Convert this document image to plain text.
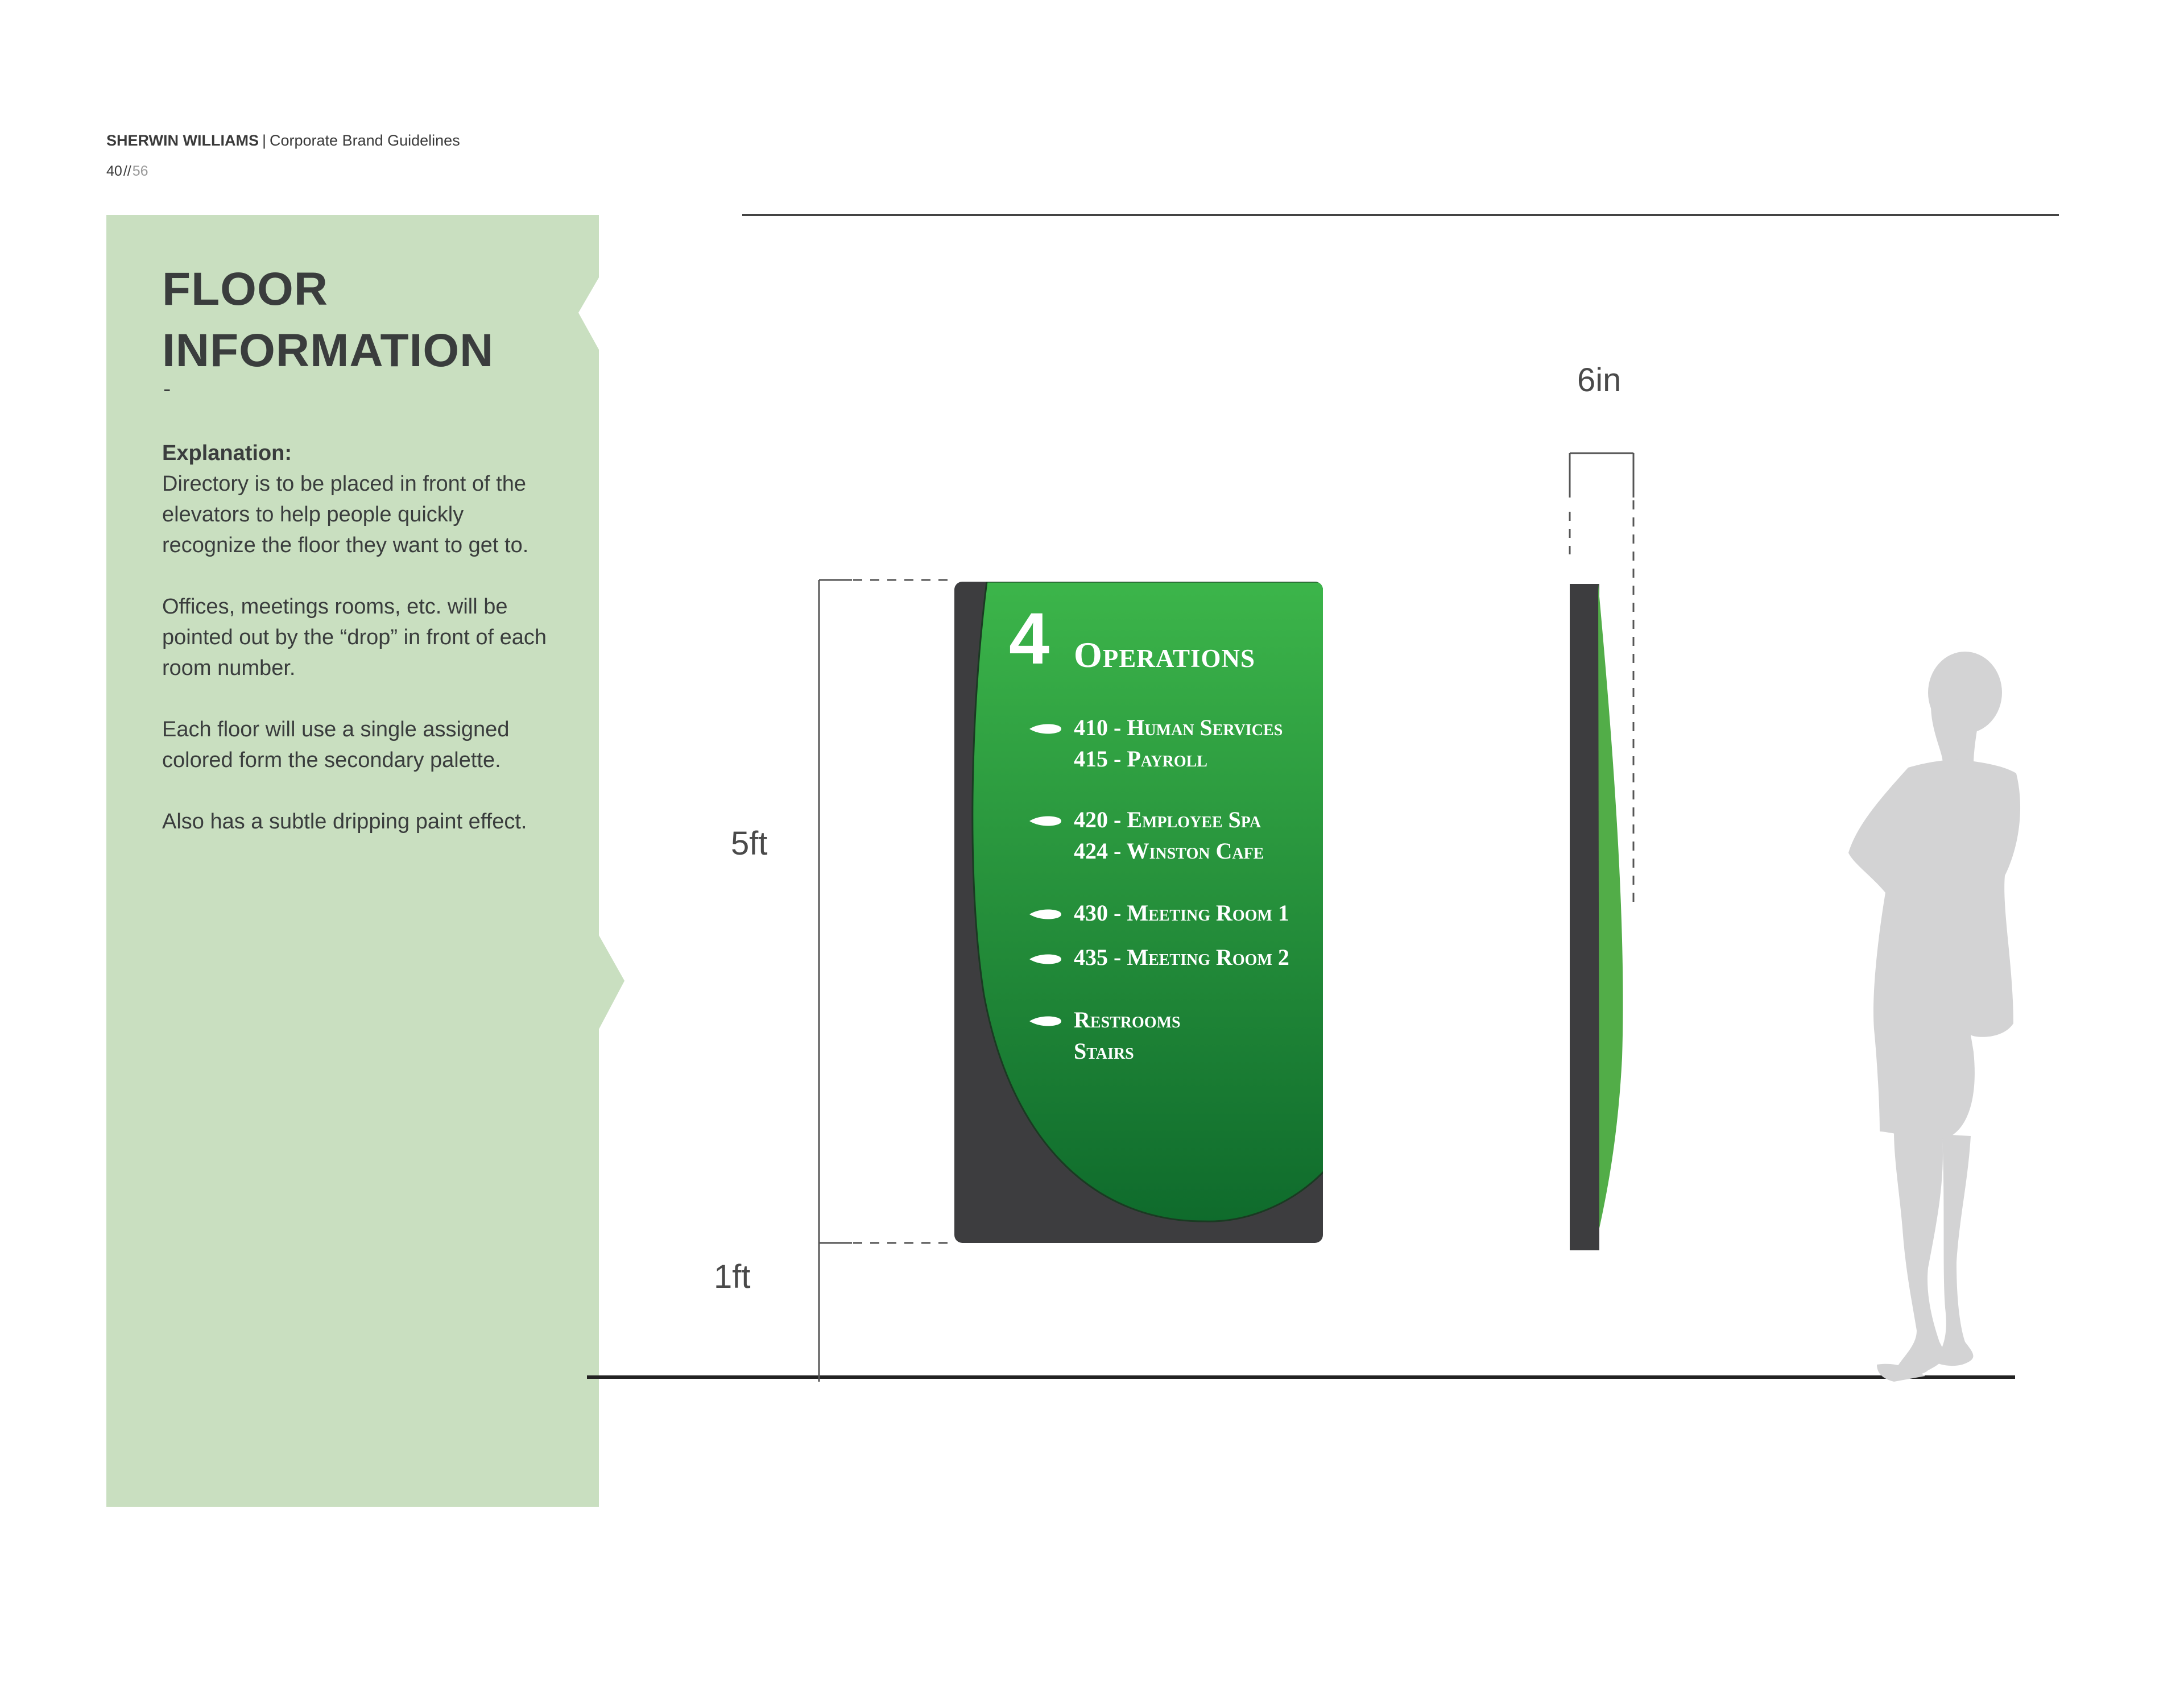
SHERWIN WILLIAMS | Corporate Brand Guidelines
40//56
FLOOR
INFORMATION
-
Explanation:

Directory is to be placed in front of the elevators to help people quickly recognize the floor they want to get to.

Offices, meetings rooms, etc. will be pointed out by the “drop” in front of each room number.

Each floor will use a single assigned colored form the secondary palette.

Also has a subtle dripping paint effect.

5ft
1ft
6in
4 Operations
410 - Human Services
415 - Payroll
420 - Employee Spa
424 - Winston Cafe
430 - Meeting Room 1
435 - Meeting Room 2
Restrooms
Stairs
